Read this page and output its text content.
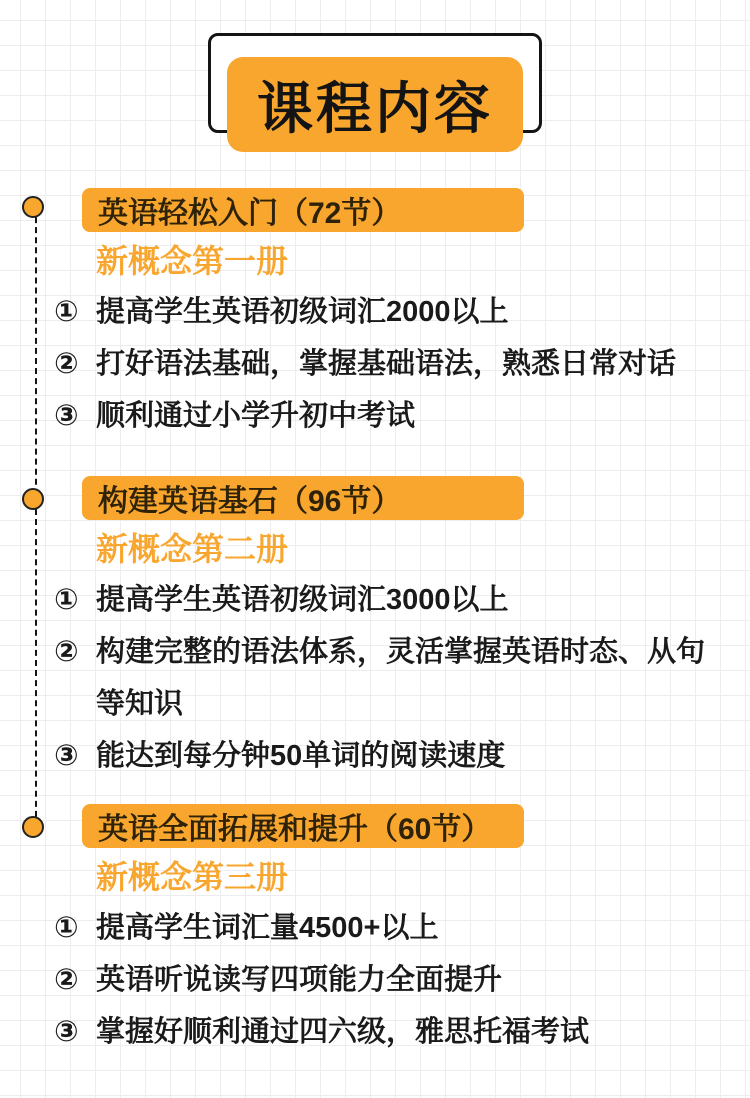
课程内容
英语轻松入门（72节）
新概念第一册
① 提高学生英语初级词汇2000以上
② 打好语法基础，掌握基础语法，熟悉日常对话
③ 顺利通过小学升初中考试
构建英语基石（96节）
新概念第二册
① 提高学生英语初级词汇3000以上
② 构建完整的语法体系，灵活掌握英语时态、从句等知识
③ 能达到每分钟50单词的阅读速度
英语全面拓展和提升（60节）
新概念第三册
① 提高学生词汇量4500+以上
② 英语听说读写四项能力全面提升
③ 掌握好顺利通过四六级，雅思托福考试
